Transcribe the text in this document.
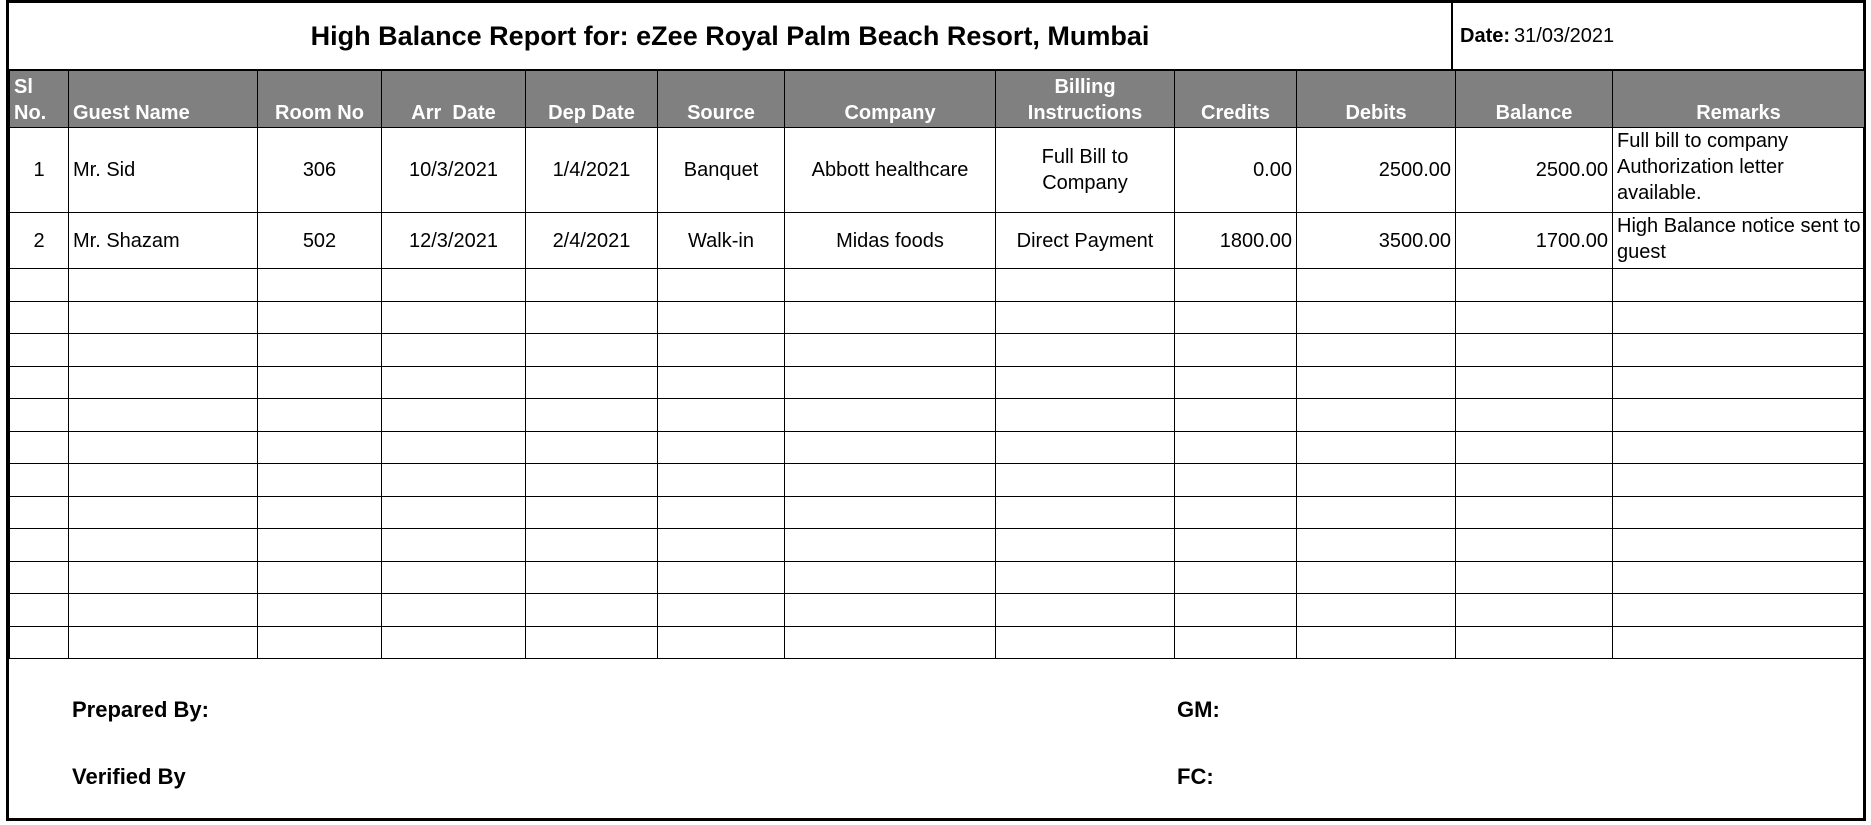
High Balance Report for: eZee Royal Palm Beach Resort, Mumbai	Date: 31/03/2021
Sl No.	Guest Name	Room No	Arr  Date	Dep Date	Source	Company	Billing Instructions	Credits	Debits	Balance	Remarks
1	Mr. Sid	306	10/3/2021	1/4/2021	Banquet	Abbott healthcare	Full Bill to Company	0.00	2500.00	2500.00	Full bill to company Authorization letter available.
2	Mr. Shazam	502	12/3/2021	2/4/2021	Walk-in	Midas foods	Direct Payment	1800.00	3500.00	1700.00	High Balance notice sent to guest

Prepared By:
Verified By
GM:
FC:
